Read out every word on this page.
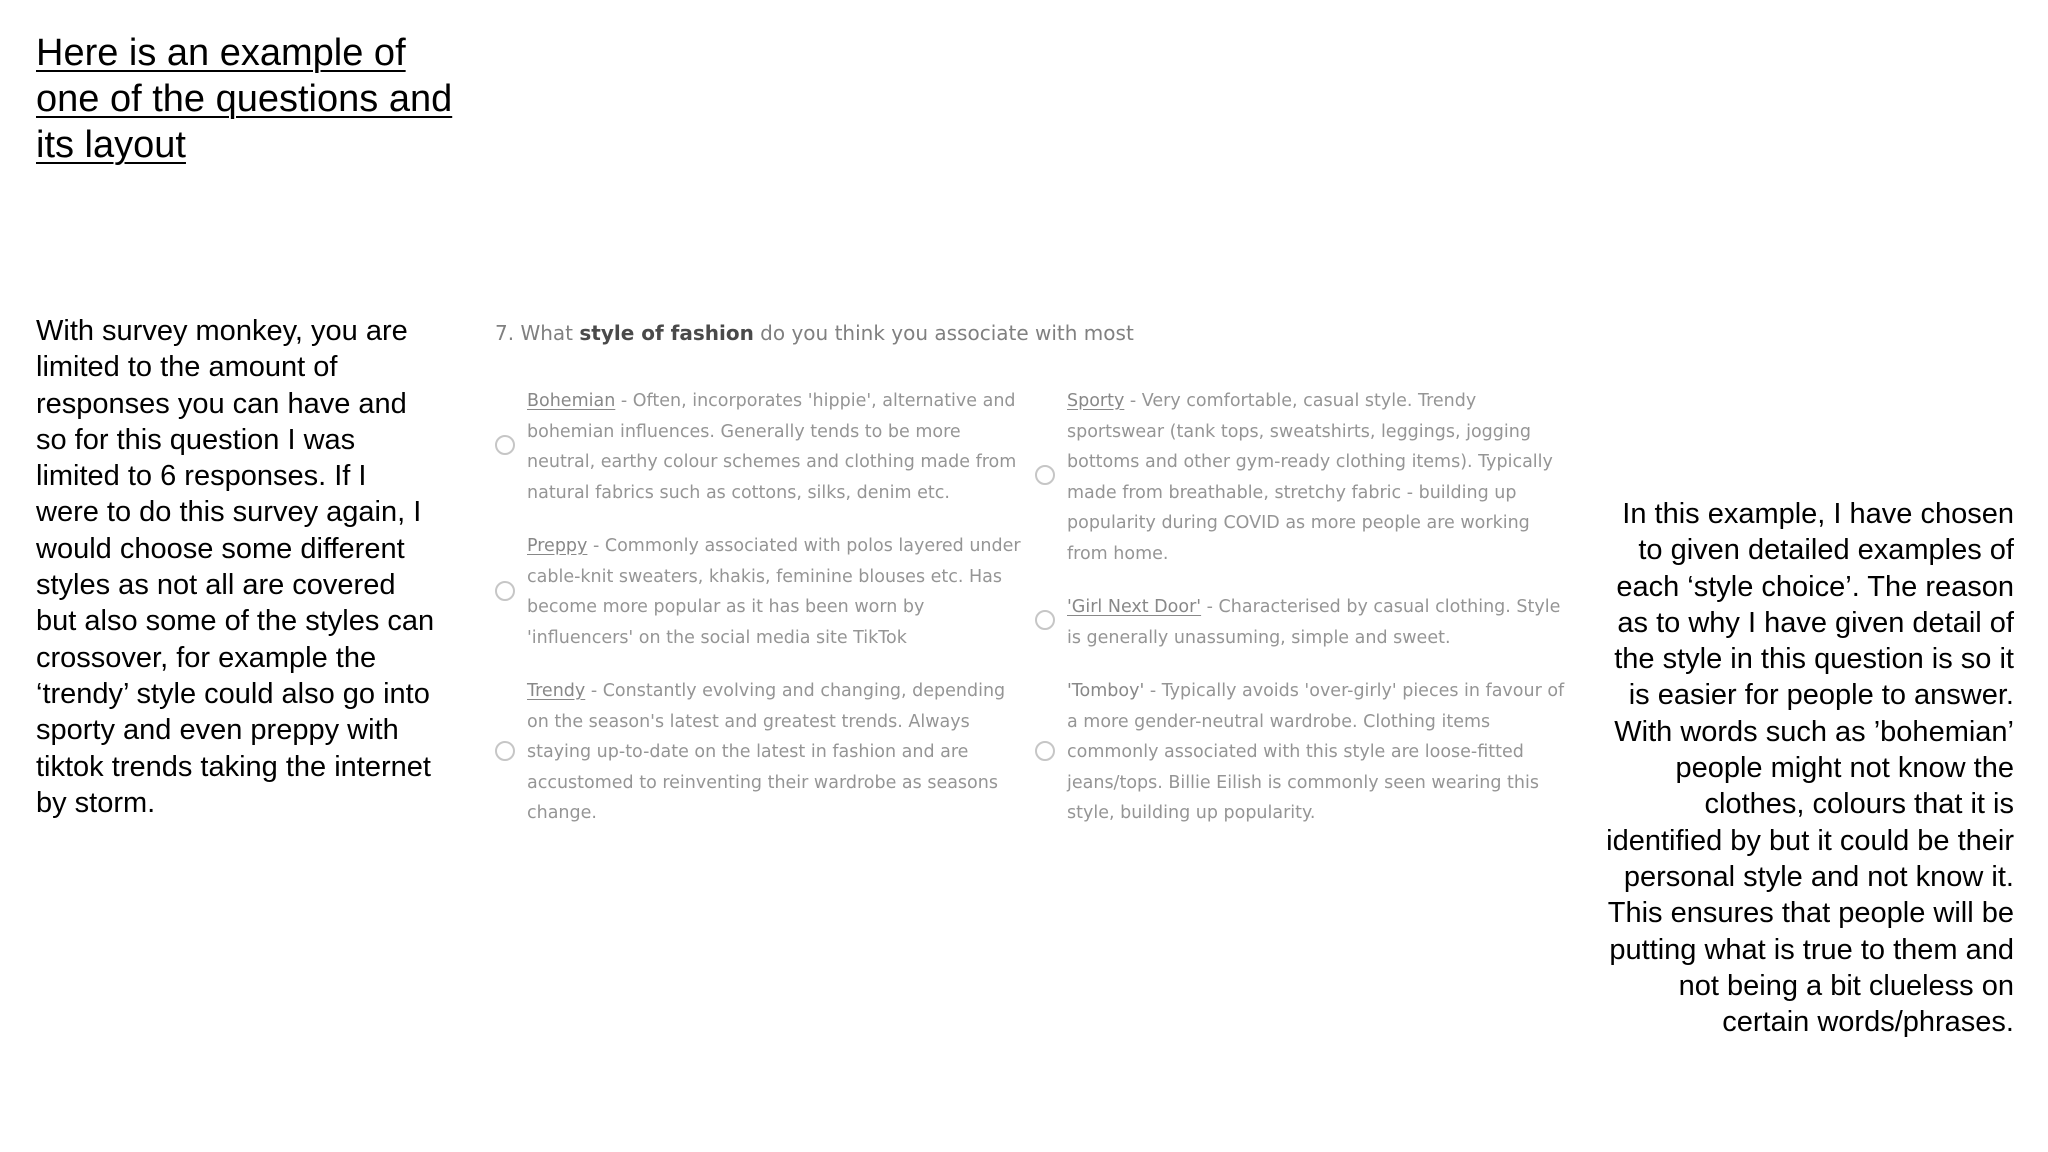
Here is an example of one of the questions and its layout

With survey monkey, you are limited to the amount of responses you can have and so for this question I was limited to 6 responses. If I were to do this survey again, I would choose some different styles as not all are covered but also some of the styles can crossover, for example the ‘trendy’ style could also go into sporty and even preppy with tiktok trends taking the internet by storm.

7. What style of fashion do you think you associate with most
Bohemian - Often, incorporates 'hippie', alternative and bohemian influences. Generally tends to be more neutral, earthy colour schemes and clothing made from natural fabrics such as cottons, silks, denim etc.
Preppy - Commonly associated with polos layered under cable-knit sweaters, khakis, feminine blouses etc. Has become more popular as it has been worn by 'influencers' on the social media site TikTok
Trendy - Constantly evolving and changing, depending on the season's latest and greatest trends. Always staying up-to-date on the latest in fashion and are accustomed to reinventing their wardrobe as seasons change.
Sporty - Very comfortable, casual style. Trendy sportswear (tank tops, sweatshirts, leggings, jogging bottoms and other gym-ready clothing items). Typically made from breathable, stretchy fabric - building up popularity during COVID as more people are working from home.
'Girl Next Door' - Characterised by casual clothing. Style is generally unassuming, simple and sweet.
'Tomboy' - Typically avoids 'over-girly' pieces in favour of a more gender-neutral wardrobe. Clothing items commonly associated with this style are loose-fitted jeans/tops. Billie Eilish is commonly seen wearing this style, building up popularity.

In this example, I have chosen to given detailed examples of each ‘style choice’. The reason as to why I have given detail of the style in this question is so it is easier for people to answer. With words such as ’bohemian’ people might not know the clothes, colours that it is identified by but it could be their personal style and not know it. This ensures that people will be putting what is true to them and not being a bit clueless on certain words/phrases.
